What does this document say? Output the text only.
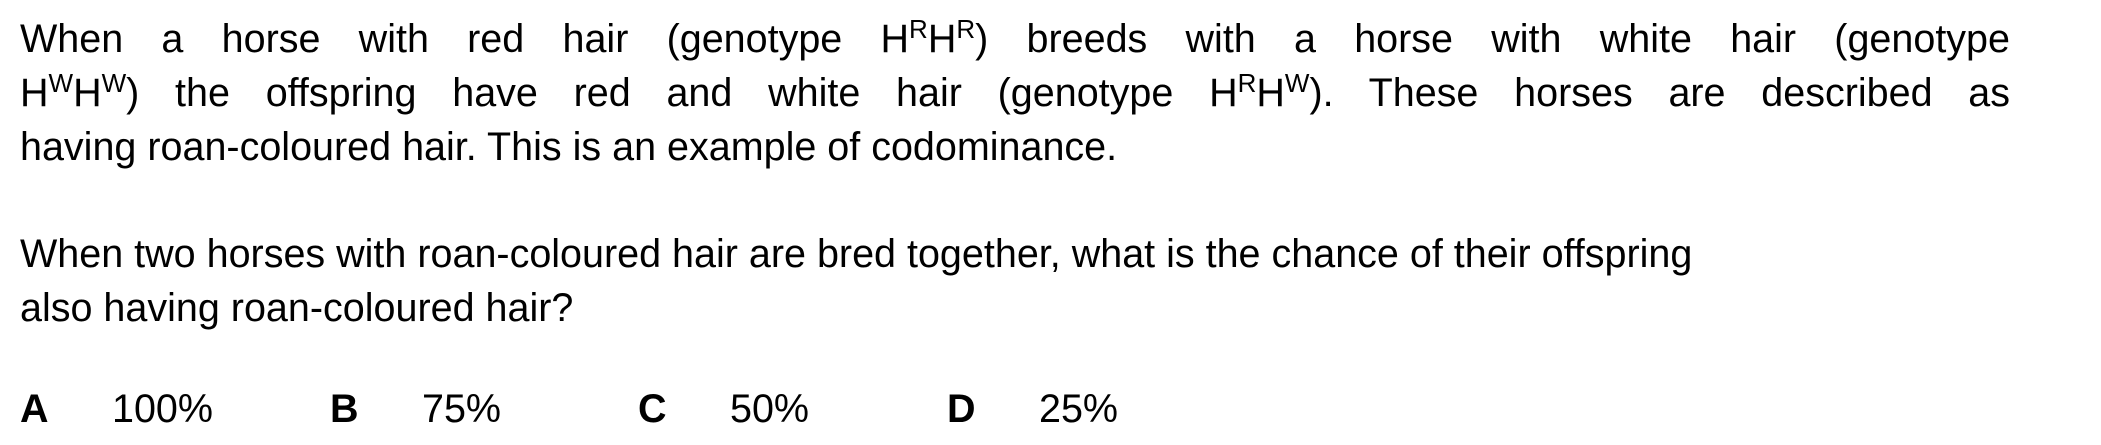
When a horse with red hair (genotype $H^RH^R$) breeds with a horse with white hair (genotype
$H^WH^W$) the offspring have red and white hair (genotype $H^RH^W$). These horses are described as
having roan-coloured hair. This is an example of codominance.

When two horses with roan-coloured hair are bred together, what is the chance of their offspring
also having roan-coloured hair?

A 100%	B 75%	C 50%	D 25%
